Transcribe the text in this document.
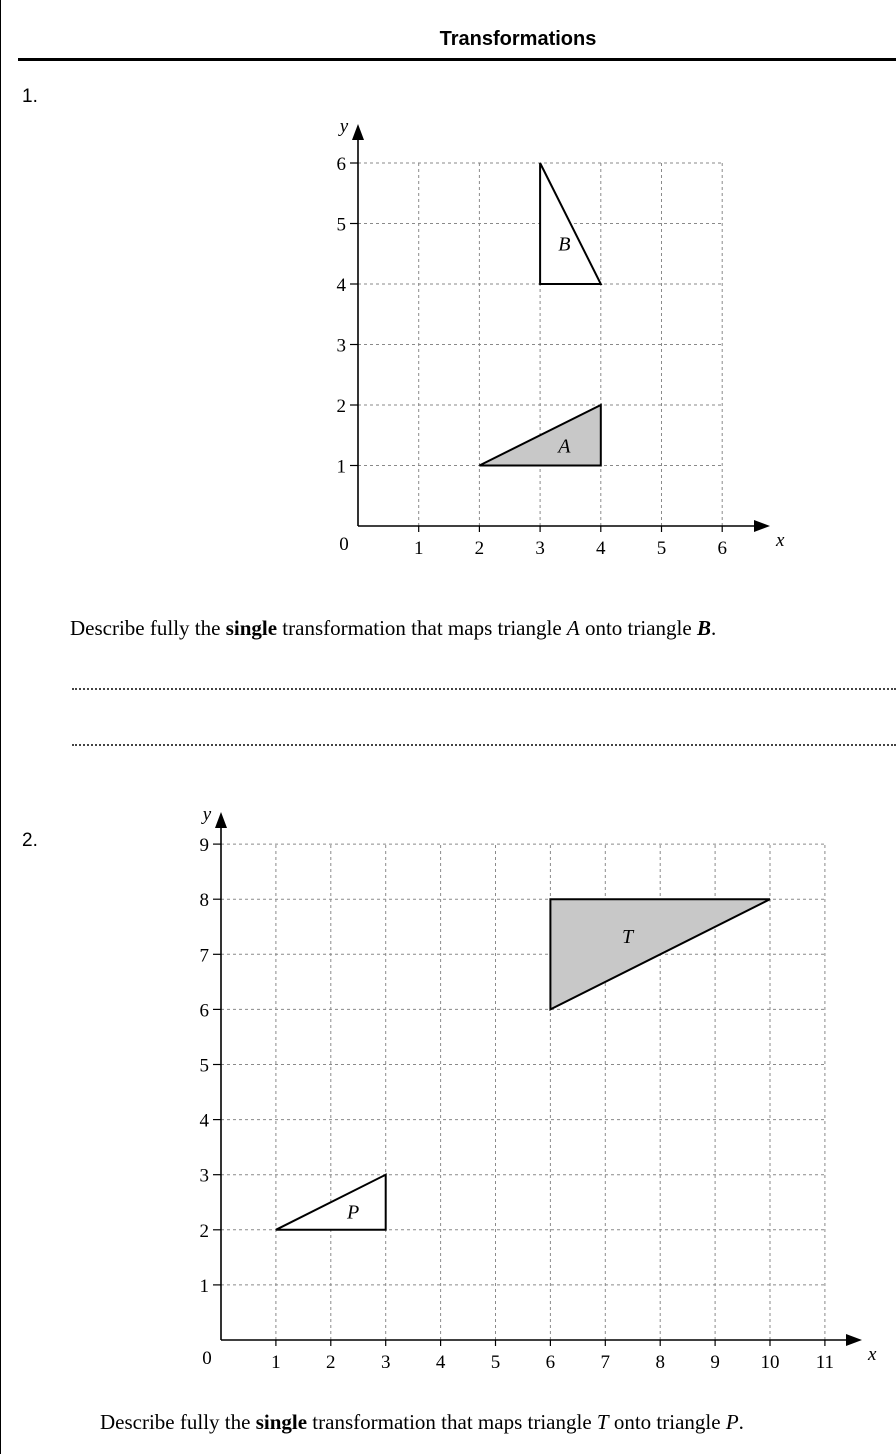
Transformations
1.
1	2	3	4	5	6
1
2
3
4
5
6
0	x
y
A
B
Describe fully the single transformation that maps triangle A onto triangle B.
2.
1 2 3 4 5 6 7 8 9 10 11
1
2
3
4
5
6
7
8
9
0	x
y
T
P
Describe fully the single transformation that maps triangle T onto triangle P.
